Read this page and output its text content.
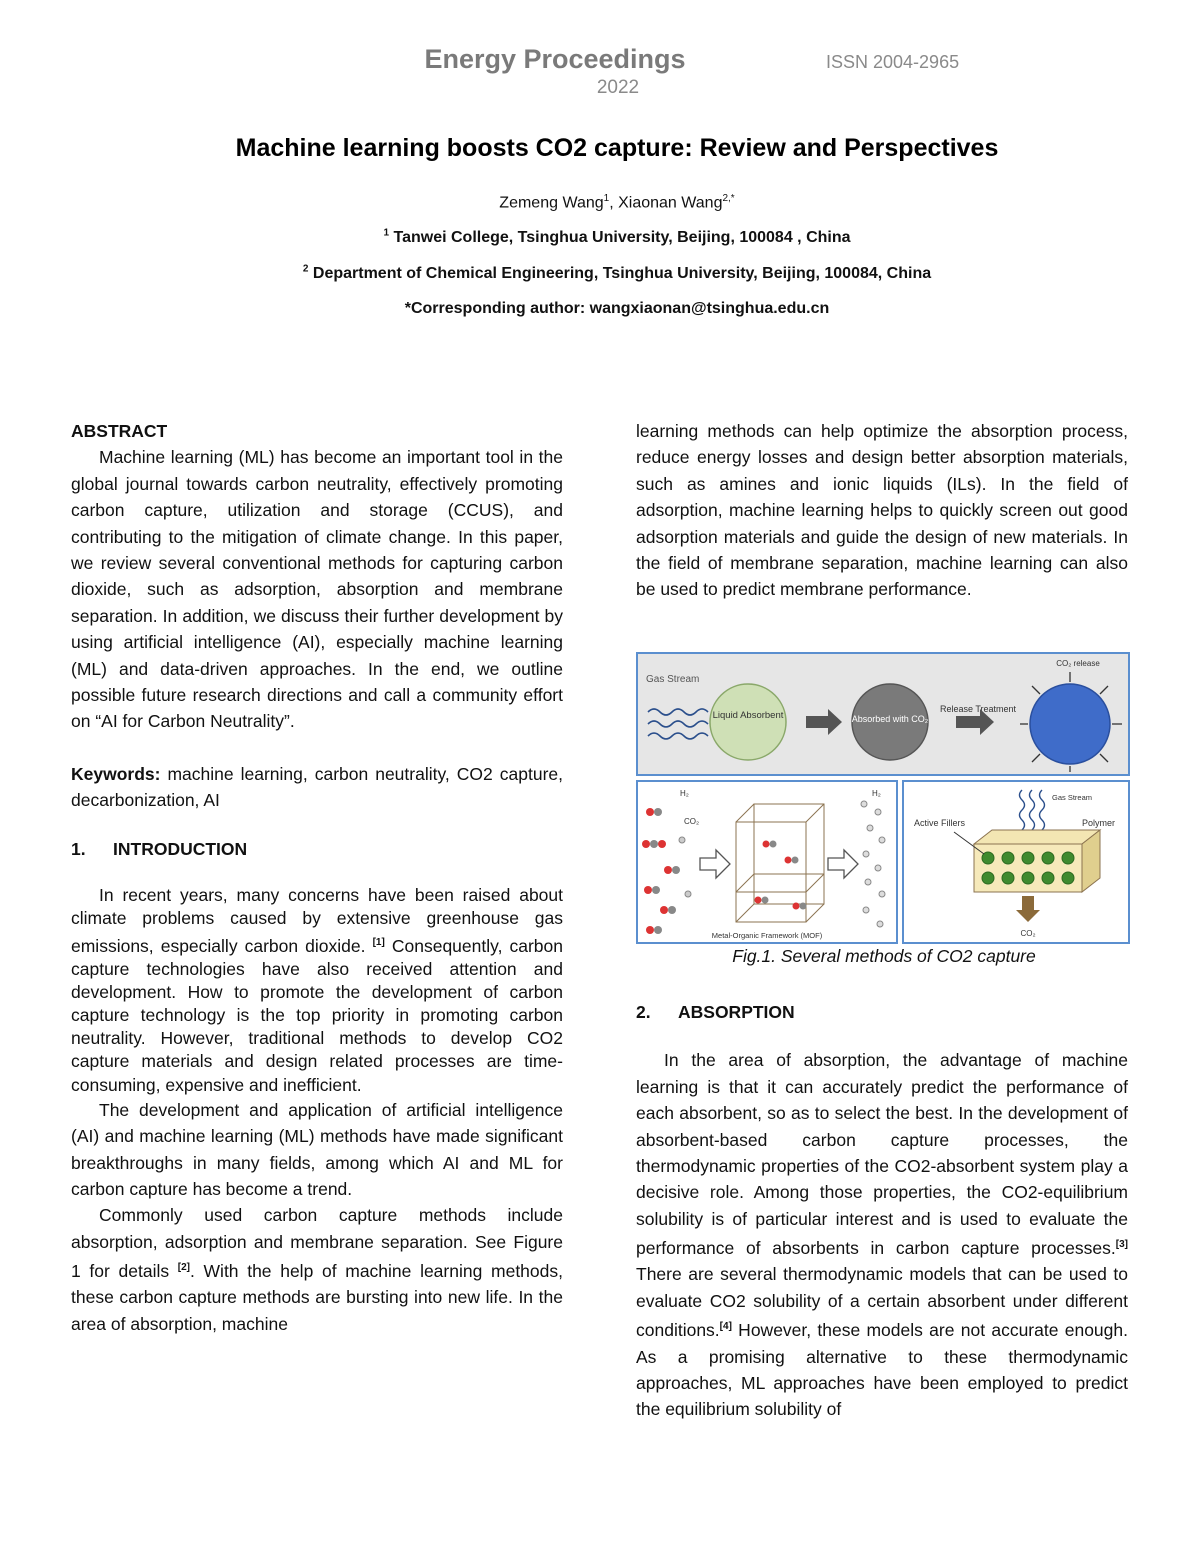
Energy Proceedings	ISSN 2004-2965
2022
Machine learning boosts CO2 capture: Review and Perspectives
Zemeng Wang$^1$, Xiaonan Wang$^{2,*}$
$^1$ Tanwei College, Tsinghua University, Beijing, 100084 , China
$^2$ Department of Chemical Engineering, Tsinghua University, Beijing, 100084, China
*Corresponding author: wangxiaonan@tsinghua.edu.cn

ABSTRACT

Machine learning (ML) has become an important tool in the global journal towards carbon neutrality, effectively promoting carbon capture, utilization and storage (CCUS), and contributing to the mitigation of climate change. In this paper, we review several conventional methods for capturing carbon dioxide, such as adsorption, absorption and membrane separation. In addition, we discuss their further development by using artificial intelligence (AI), especially machine learning (ML) and data-driven approaches. In the end, we outline possible future research directions and call a community effort on “AI for Carbon Neutrality”.

Keywords: machine learning, carbon neutrality, CO2 capture, decarbonization, AI

1. INTRODUCTION

In recent years, many concerns have been raised about climate problems caused by extensive greenhouse gas emissions, especially carbon dioxide. [1] Consequently, carbon capture technologies have also received attention and development. How to promote the development of carbon capture technology is the top priority in promoting carbon neutrality. However, traditional methods to develop CO2 capture materials and design related processes are time-consuming, expensive and inefficient.

The development and application of artificial intelligence (AI) and machine learning (ML) methods have made significant breakthroughs in many fields, among which AI and ML for carbon capture has become a trend.

Commonly used carbon capture methods include absorption, adsorption and membrane separation. See Figure 1 for details [2]. With the help of machine learning methods, these carbon capture methods are bursting into new life. In the area of absorption, machine

learning methods can help optimize the absorption process, reduce energy losses and design better absorption materials, such as amines and ionic liquids (ILs). In the field of adsorption, machine learning helps to quickly screen out good adsorption materials and guide the design of new materials. In the field of membrane separation, machine learning can also be used to predict membrane performance.

Gas Stream
Liquid Absorbent	Absorbed with CO₂
Release Treatment
CO₂ release
H₂
CO₂
H₂
Metal-Organic Framework (MOF)
Active Fillers	Polymer
Gas Stream
CO₂
Fig.1. Several methods of CO2 capture

2. ABSORPTION

In the area of absorption, the advantage of machine learning is that it can accurately predict the performance of each absorbent, so as to select the best. In the development of absorbent-based carbon capture processes, the thermodynamic properties of the CO2-absorbent system play a decisive role. Among those properties, the CO2-equilibrium solubility is of particular interest and is used to evaluate the performance of absorbents in carbon capture processes.[3] There are several thermodynamic models that can be used to evaluate CO2 solubility of a certain absorbent under different conditions.[4] However, these models are not accurate enough. As a promising alternative to these thermodynamic approaches, ML approaches have been employed to predict the equilibrium solubility of
